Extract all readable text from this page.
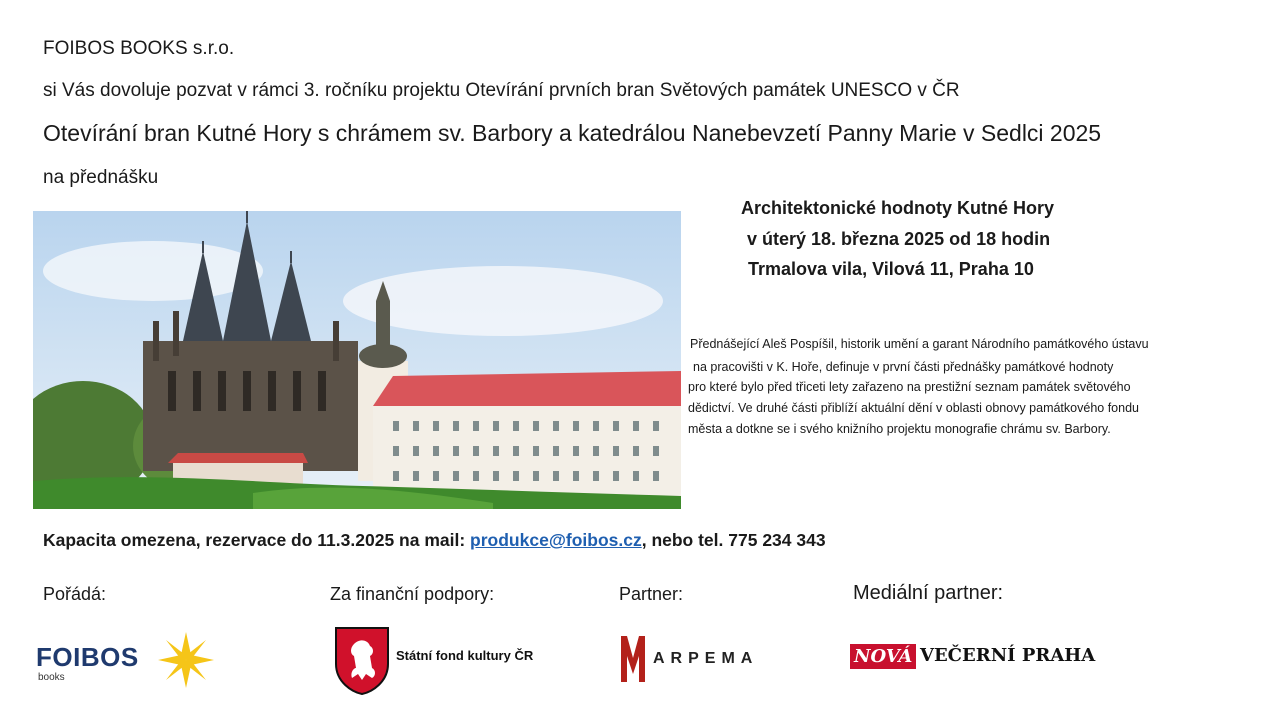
FOIBOS BOOKS s.r.o.
si Vás dovoluje pozvat v rámci 3. ročníku projektu Otevírání prvních bran Světových památek UNESCO v ČR
Otevírání bran Kutné Hory s chrámem sv. Barbory a katedrálou Nanebevzetí Panny Marie v Sedlci 2025
na přednášku
Architektonické hodnoty Kutné Hory
v úterý 18. března 2025 od 18 hodin
Trmalova vila, Vilová 11, Praha 10
Přednášející Aleš Pospíšil, historik umění a garant Národního památkového ústavu
na pracovišti v K. Hoře, definuje v první části přednášky památkové hodnoty
pro které bylo před třiceti lety zařazeno na prestižní seznam památek světového
dědictví. Ve druhé části přiblíží aktuální dění v oblasti obnovy památkového fondu
města a dotkne se i svého knižního projektu monografie chrámu sv. Barbory.
Kapacita omezena, rezervace do 11.3.2025 na mail: produkce@foibos.cz, nebo tel. 775 234 343
Pořádá:	Za finanční podpory:	Partner:	Mediální partner:
FOIBOS
books
Státní fond kultury ČR	ARPEMA	NOVÁ VEČERNÍ PRAHA
